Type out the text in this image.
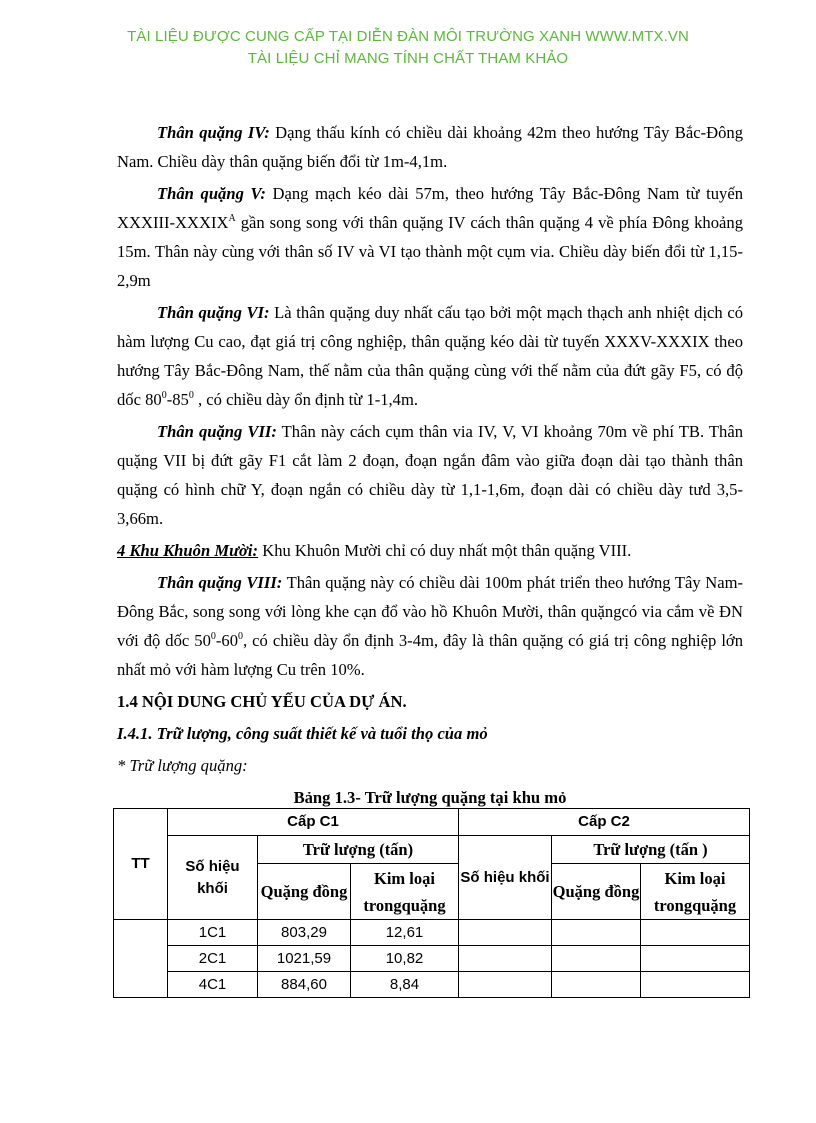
TÀI LIỆU ĐƯỢC CUNG CẤP TẠI DIỄN ĐÀN MÔI TRƯỜNG XANH WWW.MTX.VN
TÀI LIỆU CHỈ MANG TÍNH CHẤT THAM KHẢO

Thân quặng IV: Dạng thấu kính có chiều dài khoảng 42m theo hướng Tây Bắc-Đông Nam. Chiều dày thân quặng biến đổi từ 1m-4,1m.

Thân quặng V: Dạng mạch kéo dài 57m, theo hướng Tây Bắc-Đông Nam từ tuyến XXXIII-$XXXIX^A$ gần song song với thân quặng IV cách thân quặng 4 về phía Đông khoảng 15m. Thân này cùng với thân số IV và VI tạo thành một cụm via. Chiều dày biến đổi từ 1,15-2,9m

Thân quặng VI: Là thân quặng duy nhất cấu tạo bởi một mạch thạch anh nhiệt dịch có hàm lượng Cu cao, đạt giá trị công nghiệp, thân quặng kéo dài từ tuyến XXXV-XXXIX theo hướng Tây Bắc-Đông Nam, thế nằm của thân quặng cùng với thế nằm của đứt gãy F5, có độ dốc $80^0-85^0$ , có chiều dày ổn định từ 1-1,4m.

Thân quặng VII: Thân này cách cụm thân via IV, V, VI khoảng 70m về phí TB. Thân quặng VII bị đứt gãy F1 cắt làm 2 đoạn, đoạn ngắn đâm vào giữa đoạn dài tạo thành thân quặng có hình chữ Y, đoạn ngắn có chiều dày từ 1,1-1,6m, đoạn dài có chiều dày tưd 3,5-3,66m.

4 Khu Khuôn Mười: Khu Khuôn Mười chỉ có duy nhất một thân quặng VIII.

Thân quặng VIII: Thân quặng này có chiều dài 100m phát triển theo hướng Tây Nam-Đông Bắc, song song với lòng khe cạn đổ vào hồ Khuôn Mười, thân quặngcó via cắm về ĐN với độ dốc $50^0-60^0$, có chiều dày ổn định 3-4m, đây là thân quặng có giá trị công nghiệp lớn nhất mỏ với hàm lượng Cu trên 10%.

1.4 NỘI DUNG CHỦ YẾU CỦA DỰ ÁN.

I.4.1. Trữ lượng, công suất thiết kế và tuổi thọ của mỏ

* Trữ lượng quặng:

Bảng 1.3- Trữ lượng quặng tại khu mỏ

TT	Cấp C1			Cấp C2		
	Số hiệu khối	Trữ lượng (tấn)		Số hiệu khối	Trữ lượng (tấn )	
		Quặng đồng	Kim loại trongquặng		Quặng đồng	Kim loại trongquặng
	1C1	803,29	12,61			
	2C1	1021,59	10,82			
	4C1	884,60	8,84			
